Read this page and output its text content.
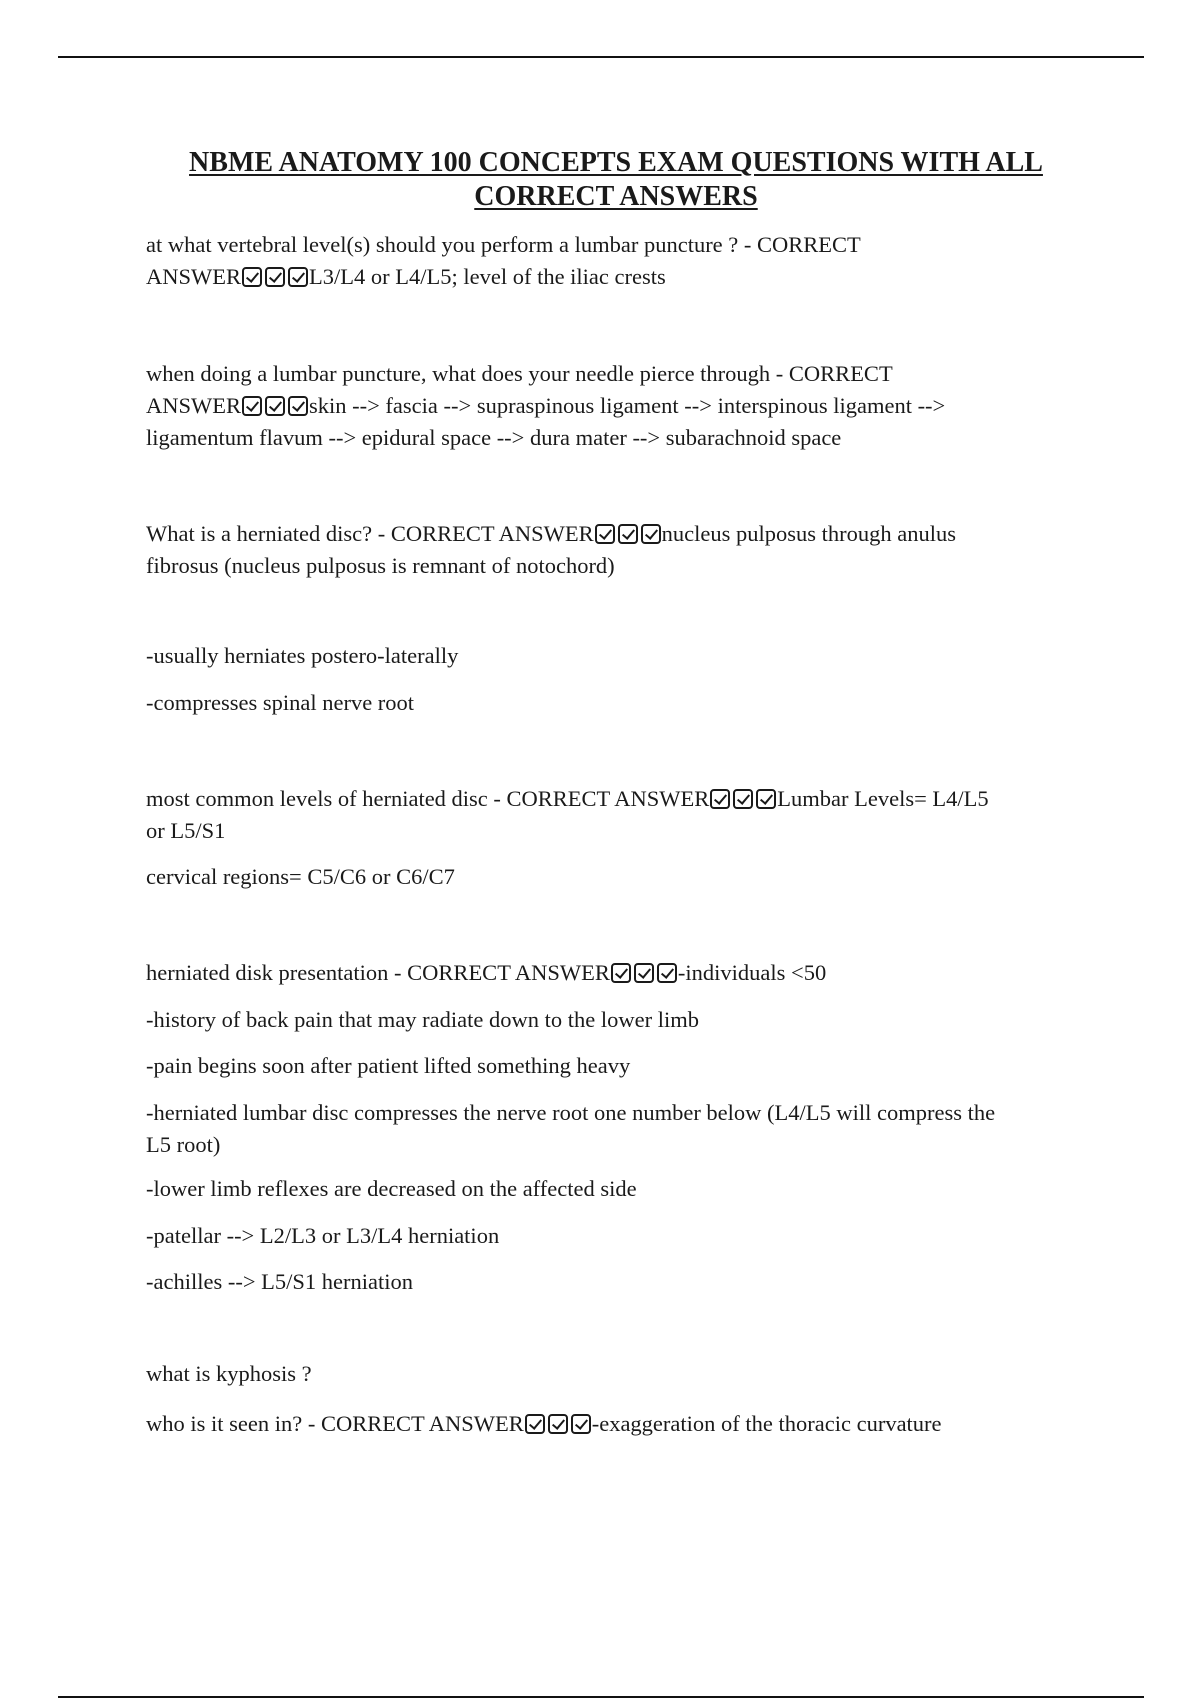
NBME ANATOMY 100 CONCEPTS EXAM QUESTIONS WITH ALL
CORRECT ANSWERS
at what vertebral level(s) should you perform a lumbar puncture ? - CORRECT
ANSWER	L3/L4 or L4/L5; level of the iliac crests
when doing a lumbar puncture, what does your needle pierce through - CORRECT
ANSWER	skin --> fascia --> supraspinous ligament --> interspinous ligament -->
ligamentum flavum --> epidural space --> dura mater --> subarachnoid space
What is a herniated disc? - CORRECT ANSWER	nucleus pulposus through anulus
fibrosus (nucleus pulposus is remnant of notochord)
-usually herniates postero-laterally
-compresses spinal nerve root
most common levels of herniated disc - CORRECT ANSWER	Lumbar Levels= L4/L5
or L5/S1
cervical regions= C5/C6 or C6/C7
herniated disk presentation - CORRECT ANSWER	-individuals <50
-history of back pain that may radiate down to the lower limb
-pain begins soon after patient lifted something heavy
-herniated lumbar disc compresses the nerve root one number below (L4/L5 will compress the
L5 root)
-lower limb reflexes are decreased on the affected side
-patellar --> L2/L3 or L3/L4 herniation
-achilles --> L5/S1 herniation
what is kyphosis ?
who is it seen in? - CORRECT ANSWER	-exaggeration of the thoracic curvature
